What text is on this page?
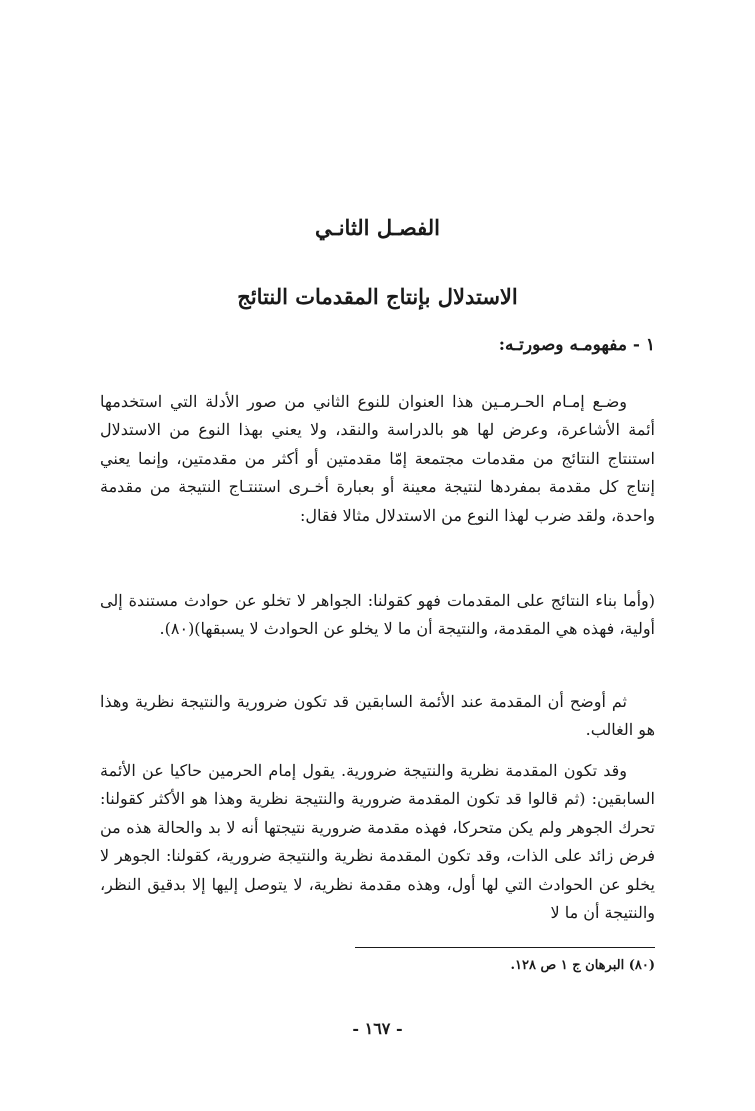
الفصـل الثانـي
الاستدلال بإنتاج المقدمات النتائج
١ - مفهومـه وصورتـه:

وضـع إمـام الحـرمـين هذا العنوان للنوع الثاني من صور الأدلة التي استخدمها أئمة الأشاعرة، وعرض لها هو بالدراسة والنقد، ولا يعني بهذا النوع من الاستدلال استنتاج النتائج من مقدمات مجتمعة إمّا مقدمتين أو أكثر من مقدمتين، وإنما يعني إنتاج كل مقدمة بمفردها لنتيجة معينة أو بعبارة أخـرى استنتـاج النتيجة من مقدمة واحدة، ولقد ضرب لهذا النوع من الاستدلال مثالا فقال:

(وأما بناء النتائج على المقدمات فهو كقولنا: الجواهر لا تخلو عن حوادث مستندة إلى أولية، فهذه هي المقدمة، والنتيجة أن ما لا يخلو عن الحوادث لا يسبقها)(٨٠).

ثم أوضح أن المقدمة عند الأئمة السابقين قد تكون ضرورية والنتيجة نظرية وهذا هو الغالب.

وقد تكون المقدمة نظرية والنتيجة ضرورية. يقول إمام الحرمين حاكيا عن الأئمة السابقين: (ثم قالوا قد تكون المقدمة ضرورية والنتيجة نظرية وهذا هو الأكثر كقولنا: تحرك الجوهر ولم يكن متحركا، فهذه مقدمة ضرورية نتيجتها أنه لا بد والحالة هذه من فرض زائد على الذات، وقد تكون المقدمة نظرية والنتيجة ضرورية، كقولنا: الجوهر لا يخلو عن الحوادث التي لها أول، وهذه مقدمة نظرية، لا يتوصل إليها إلا بدقيق النظر، والنتيجة أن ما لا

(٨٠) البرهان ج ١ ص ١٢٨.
- ١٦٧ -
